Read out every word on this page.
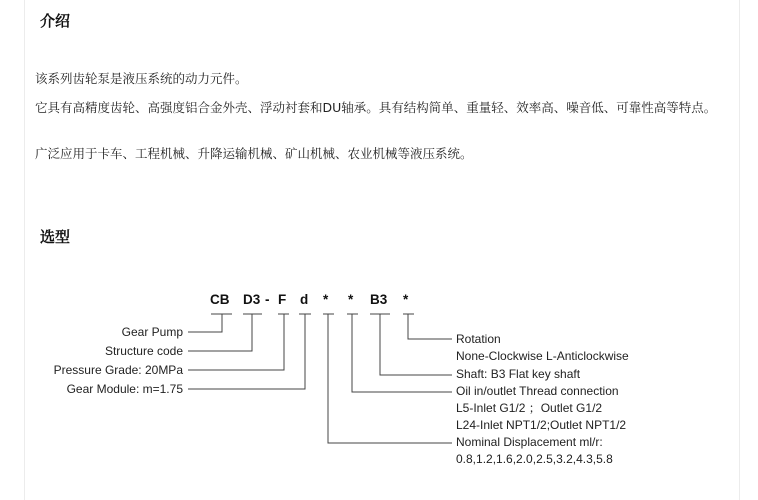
介绍
该系列齿轮泵是液压系统的动力元件。
它具有高精度齿轮、高强度铝合金外壳、浮动衬套和DU轴承。具有结构简单、重量轻、效率高、噪音低、可靠性高等特点。
广泛应用于卡车、工程机械、升降运输机械、矿山机械、农业机械等液压系统。
选型
CB D3 - F d * * B3 *
Gear Pump
Structure code
Pressure Grade: 20MPa
Gear Module: m=1.75
Rotation
None-Clockwise L-Anticlockwise
Shaft: B3 Flat key shaft
Oil in/outlet Thread connection
L5-Inlet G1/2 ；Outlet G1/2
L24-Inlet NPT1/2;Outlet NPT1/2
Nominal Displacement ml/r:
0.8,1.2,1.6,2.0,2.5,3.2,4.3,5.8
